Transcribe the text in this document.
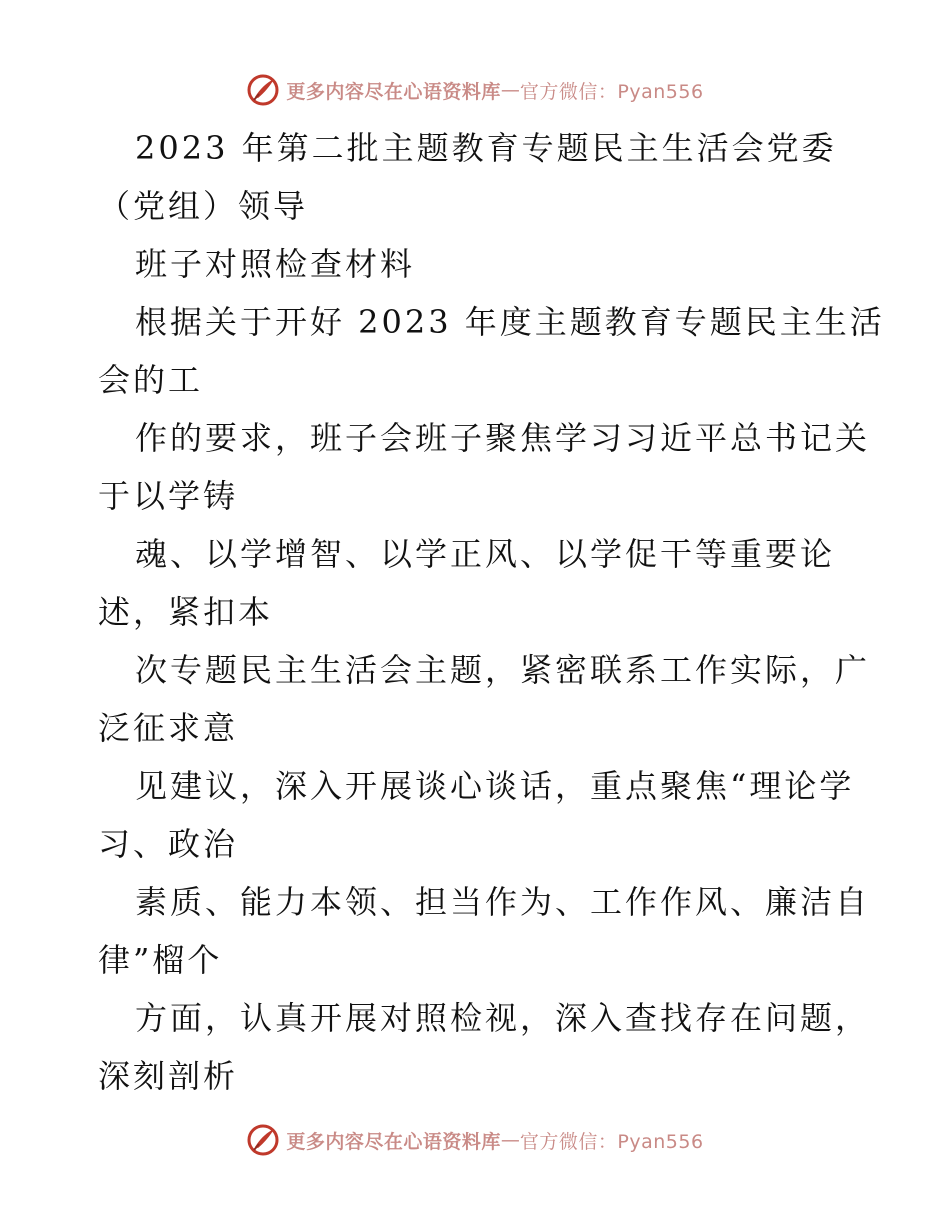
更多内容尽在心语资料库 — 官方微信：Pyan556
2023 年第二批主题教育专题民主生活会党委
（党组）领导
班子对照检查材料
根据关于开好 2023 年度主题教育专题民主生活
会的工
作的要求，班子会班子聚焦学习习近平总书记关
于以学铸
魂、以学增智、以学正风、以学促干等重要论
述，紧扣本
次专题民主生活会主题，紧密联系工作实际，广
泛征求意
见建议，深入开展谈心谈话，重点聚焦“理论学
习、政治
素质、能力本领、担当作为、工作作风、廉洁自
律”榴个
方面，认真开展对照检视，深入查找存在问题，
深刻剖析
更多内容尽在心语资料库 — 官方微信：Pyan556
